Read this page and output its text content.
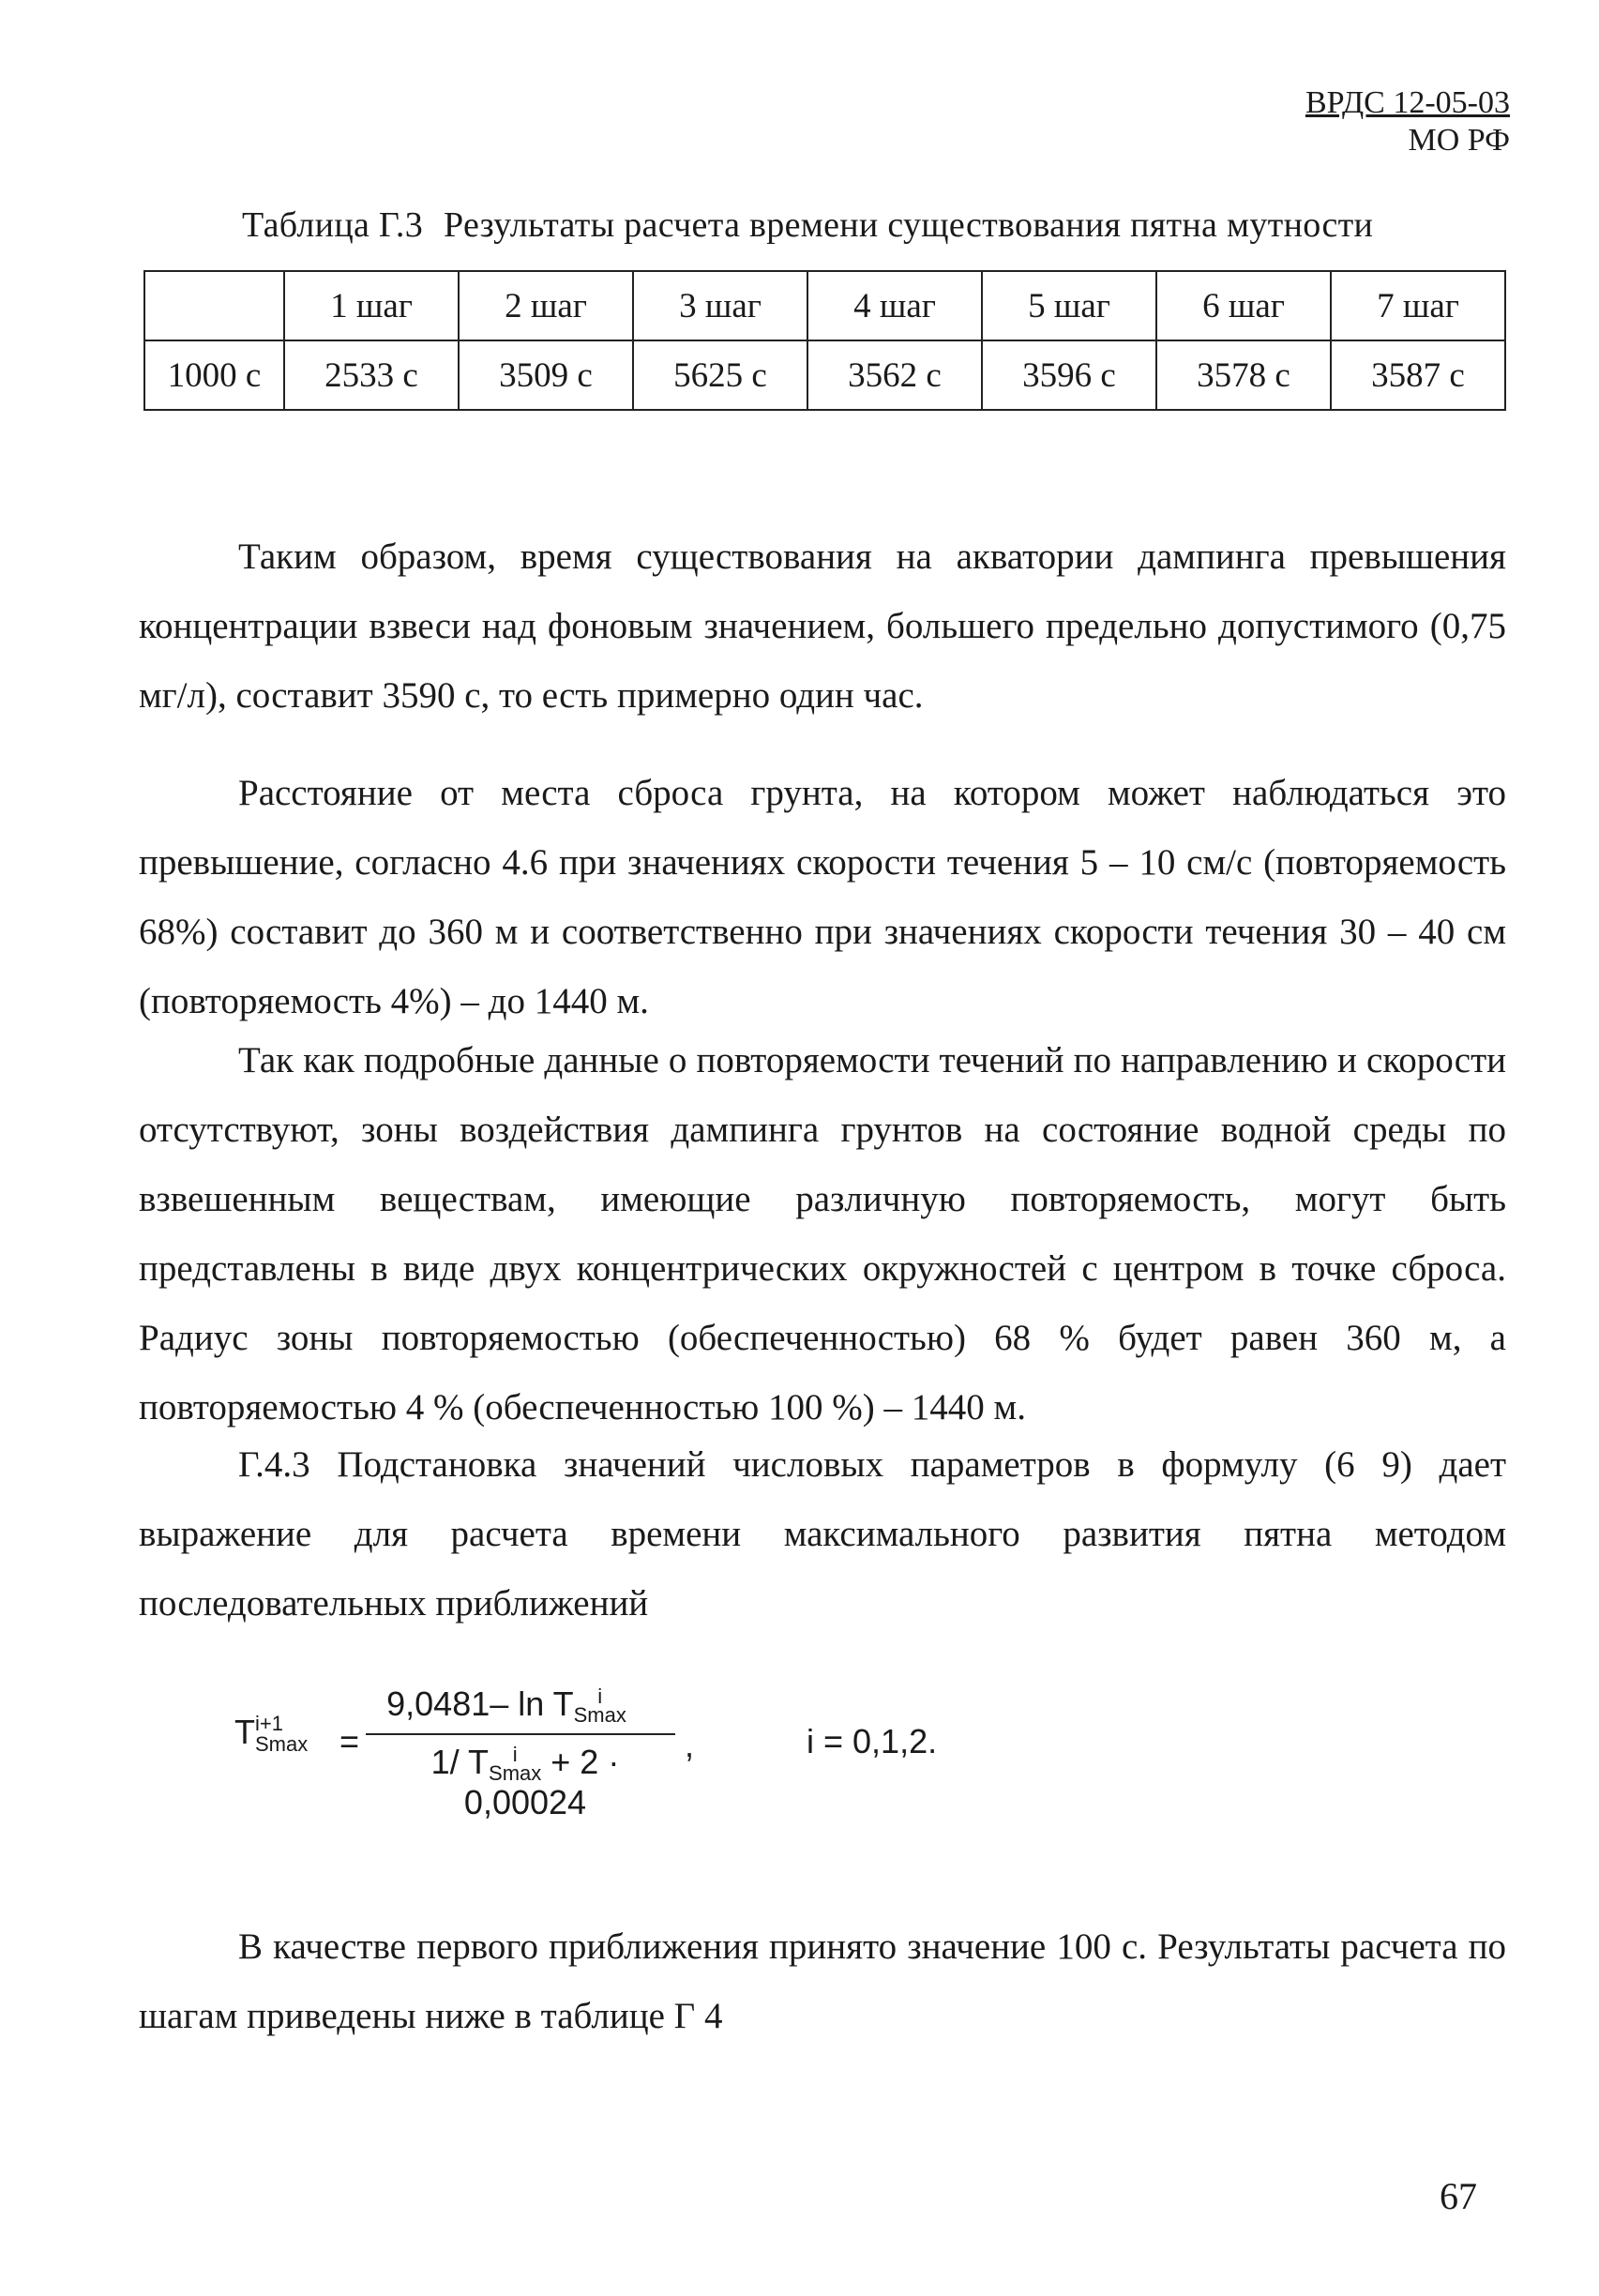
ВРДС 12-05-03
МО РФ
Таблица Г.3 Результаты расчета времени существования пятна мутности
	1 шаг	2 шаг	3 шаг	4 шаг	5 шаг	6 шаг	7 шаг
1000 с	2533 с	3509 с	5625 с	3562 с	3596 с	3578 с	3587 с

Таким образом, время существования на акватории дампинга превышения концентрации взвеси над фоновым значением, большего предельно допустимого (0,75 мг/л), составит 3590 с, то есть примерно один час.

Расстояние от места сброса грунта, на котором может наблюдаться это превышение, согласно 4.6 при значениях скорости течения 5 – 10 см/с (повторяемость 68%) составит до 360 м и соответственно при значениях скорости течения 30 – 40 см (повторяемость 4%) – до 1440 м.

Так как подробные данные о повторяемости течений по направлению и скорости отсутствуют, зоны воздействия дампинга грунтов на состояние водной среды по взвешенным веществам, имеющие различную повторяемость, могут быть представлены в виде двух концентрических окружностей с центром в точке сброса. Радиус зоны повторяемостью (обеспеченностью) 68 % будет равен 360 м, а повторяемостью 4 % (обеспеченностью 100 %) – 1440 м.

Г.4.3 Подстановка значений числовых параметров в формулу (6 9) дает выражение для расчета времени максимального развития пятна методом последовательных приближений

T i+1
Smax =
9,0481– ln T	i
Smax
1/ T	i
Smax + 2 · 0,00024
,	i = 0,1,2.

В качестве первого приближения принято значение 100 с. Результаты расчета по шагам приведены ниже в таблице Г 4

67
